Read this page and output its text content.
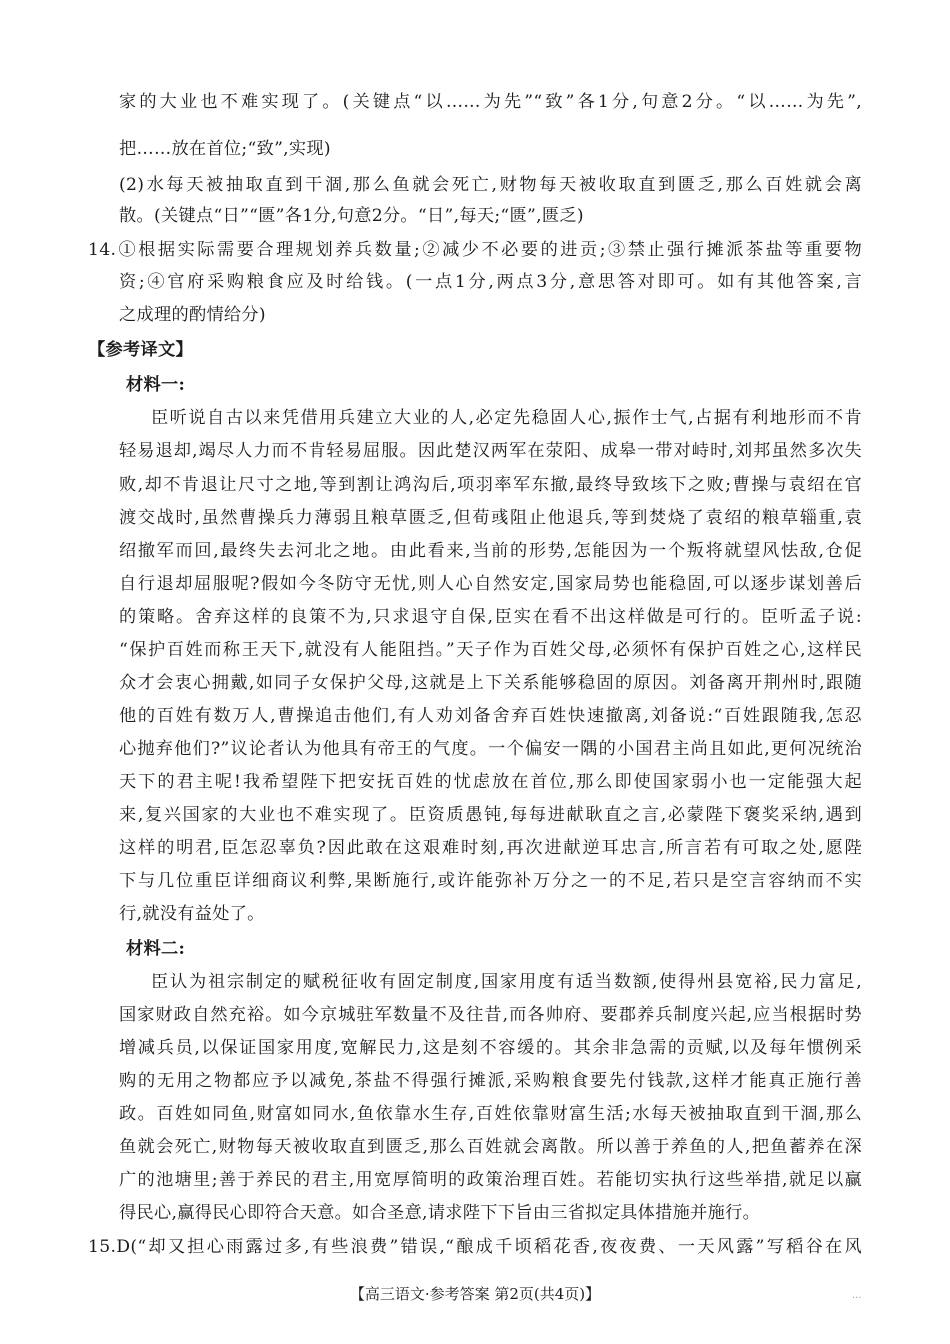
家的大业也不难实现了。(关键点“以……为先”“致”各1分,句意2分。“以……为先”,

把……放在首位;“致”,实现)

(2)水每天被抽取直到干涸,那么鱼就会死亡,财物每天被收取直到匮乏,那么百姓就会离

散。(关键点“日”“匮”各1分,句意2分。“日”,每天;“匮”,匮乏)

14.①根据实际需要合理规划养兵数量;②减少不必要的进贡;③禁止强行摊派茶盐等重要物

资;④官府采购粮食应及时给钱。(一点1分,两点3分,意思答对即可。如有其他答案,言

之成理的酌情给分)

【参考译文】

材料一:

臣听说自古以来凭借用兵建立大业的人,必定先稳固人心,振作士气,占据有利地形而不肯

轻易退却,竭尽人力而不肯轻易屈服。因此楚汉两军在荥阳、成皋一带对峙时,刘邦虽然多次失

败,却不肯退让尺寸之地,等到割让鸿沟后,项羽率军东撤,最终导致垓下之败;曹操与袁绍在官

渡交战时,虽然曹操兵力薄弱且粮草匮乏,但荀彧阻止他退兵,等到焚烧了袁绍的粮草辎重,袁

绍撤军而回,最终失去河北之地。由此看来,当前的形势,怎能因为一个叛将就望风怯敌,仓促

自行退却屈服呢?假如今冬防守无忧,则人心自然安定,国家局势也能稳固,可以逐步谋划善后

的策略。舍弃这样的良策不为,只求退守自保,臣实在看不出这样做是可行的。臣听孟子说:

“保护百姓而称王天下,就没有人能阻挡。”天子作为百姓父母,必须怀有保护百姓之心,这样民

众才会衷心拥戴,如同子女保护父母,这就是上下关系能够稳固的原因。刘备离开荆州时,跟随

他的百姓有数万人,曹操追击他们,有人劝刘备舍弃百姓快速撤离,刘备说:“百姓跟随我,怎忍

心抛弃他们?”议论者认为他具有帝王的气度。一个偏安一隅的小国君主尚且如此,更何况统治

天下的君主呢!我希望陛下把安抚百姓的忧虑放在首位,那么即使国家弱小也一定能强大起

来,复兴国家的大业也不难实现了。臣资质愚钝,每每进献耿直之言,必蒙陛下褒奖采纳,遇到

这样的明君,臣怎忍辜负?因此敢在这艰难时刻,再次进献逆耳忠言,所言若有可取之处,愿陛

下与几位重臣详细商议利弊,果断施行,或许能弥补万分之一的不足,若只是空言容纳而不实

行,就没有益处了。

材料二:

臣认为祖宗制定的赋税征收有固定制度,国家用度有适当数额,使得州县宽裕,民力富足,

国家财政自然充裕。如今京城驻军数量不及往昔,而各帅府、要郡养兵制度兴起,应当根据时势

增减兵员,以保证国家用度,宽解民力,这是刻不容缓的。其余非急需的贡赋,以及每年惯例采

购的无用之物都应予以减免,茶盐不得强行摊派,采购粮食要先付钱款,这样才能真正施行善

政。百姓如同鱼,财富如同水,鱼依靠水生存,百姓依靠财富生活;水每天被抽取直到干涸,那么

鱼就会死亡,财物每天被收取直到匮乏,那么百姓就会离散。所以善于养鱼的人,把鱼蓄养在深

广的池塘里;善于养民的君主,用宽厚简明的政策治理百姓。若能切实执行这些举措,就足以赢

得民心,赢得民心即符合天意。如合圣意,请求陛下下旨由三省拟定具体措施并施行。

15.D(“却又担心雨露过多,有些浪费”错误,“酿成千顷稻花香,夜夜费、一天风露”写稻谷在风

【高三语文·参考答案 第2页(共4页)】	...
